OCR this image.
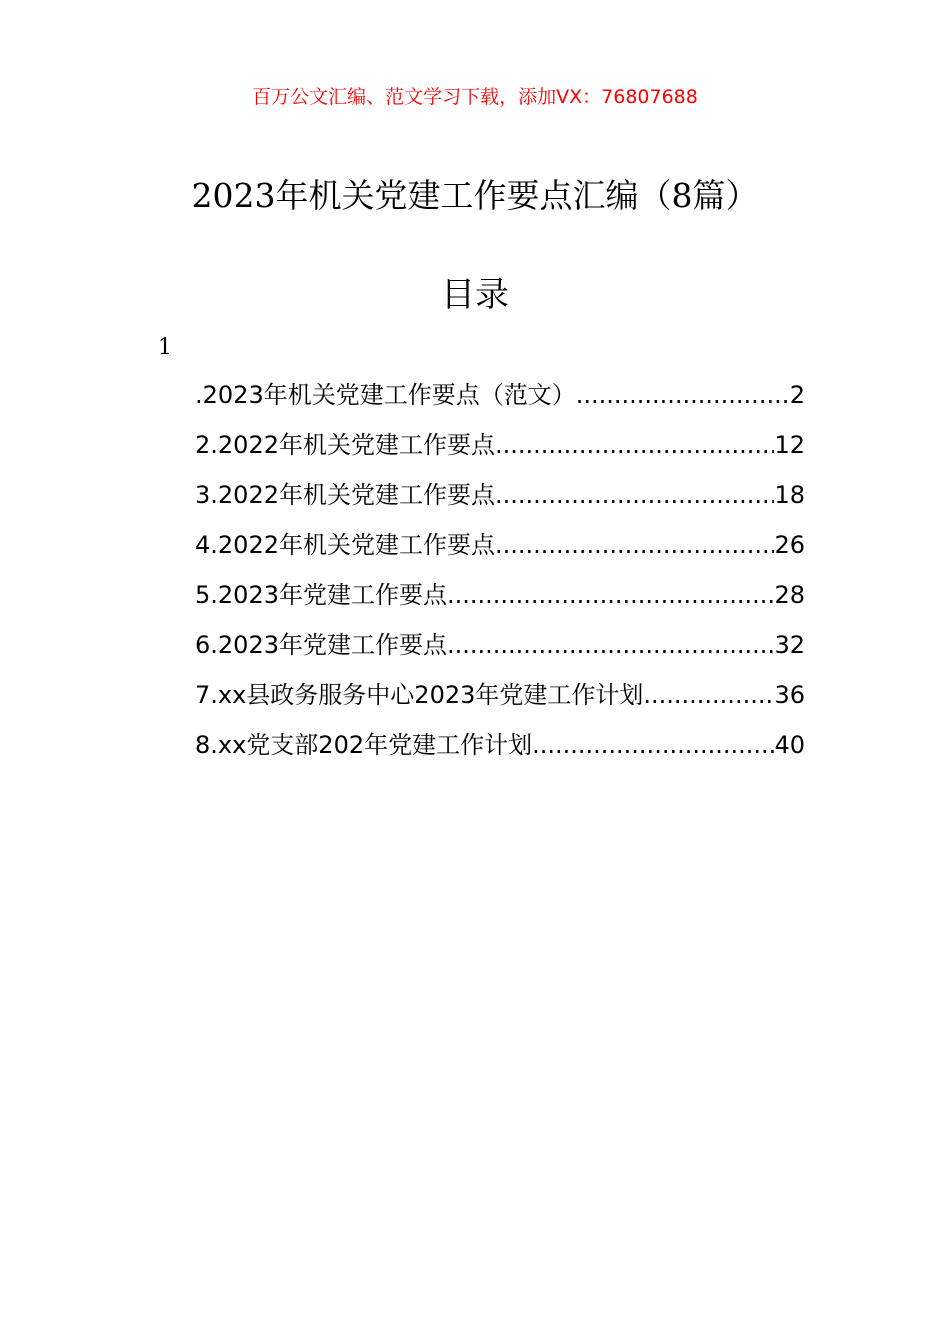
百万公文汇编、范文学习下载，添加VX：76807688
2023年机关党建工作要点汇编（8篇）
目录
1
.2023年机关党建工作要点（范文） .....	2
2.2022年机关党建工作要点 .....	12
3.2022年机关党建工作要点 .....	18
4.2022年机关党建工作要点 .....	26
5.2023年党建工作要点 .....	28
6.2023年党建工作要点 .....	32
7.xx县政务服务中心2023年党建工作计划 .....	36
8.xx党支部202年党建工作计划 .....	40
